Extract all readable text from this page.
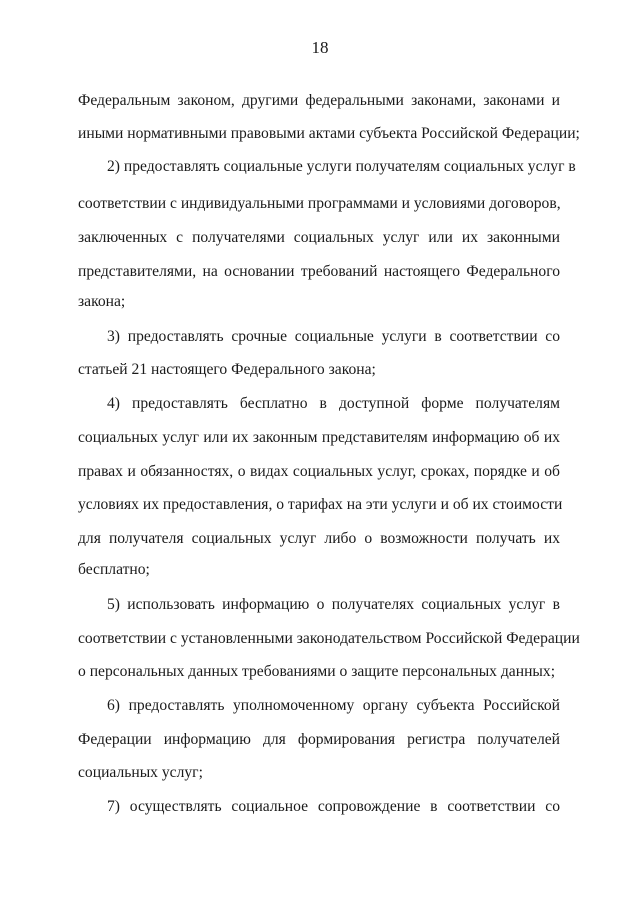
18
Федеральным законом, другими федеральными законами, законами и
иными нормативными правовыми актами субъекта Российской Федерации;
2) предоставлять социальные услуги получателям социальных услуг в
соответствии с индивидуальными программами и условиями договоров,
заключенных с получателями социальных услуг или их законными
представителями, на основании требований настоящего Федерального
закона;
3) предоставлять срочные социальные услуги в соответствии со
статьей 21 настоящего Федерального закона;
4) предоставлять бесплатно в доступной форме получателям
социальных услуг или их законным представителям информацию об их
правах и обязанностях, о видах социальных услуг, сроках, порядке и об
условиях их предоставления, о тарифах на эти услуги и об их стоимости
для получателя социальных услуг либо о возможности получать их
бесплатно;
5) использовать информацию о получателях социальных услуг в
соответствии с установленными законодательством Российской Федерации
о персональных данных требованиями о защите персональных данных;
6) предоставлять уполномоченному органу субъекта Российской
Федерации информацию для формирования регистра получателей
социальных услуг;
7) осуществлять социальное сопровождение в соответствии со
